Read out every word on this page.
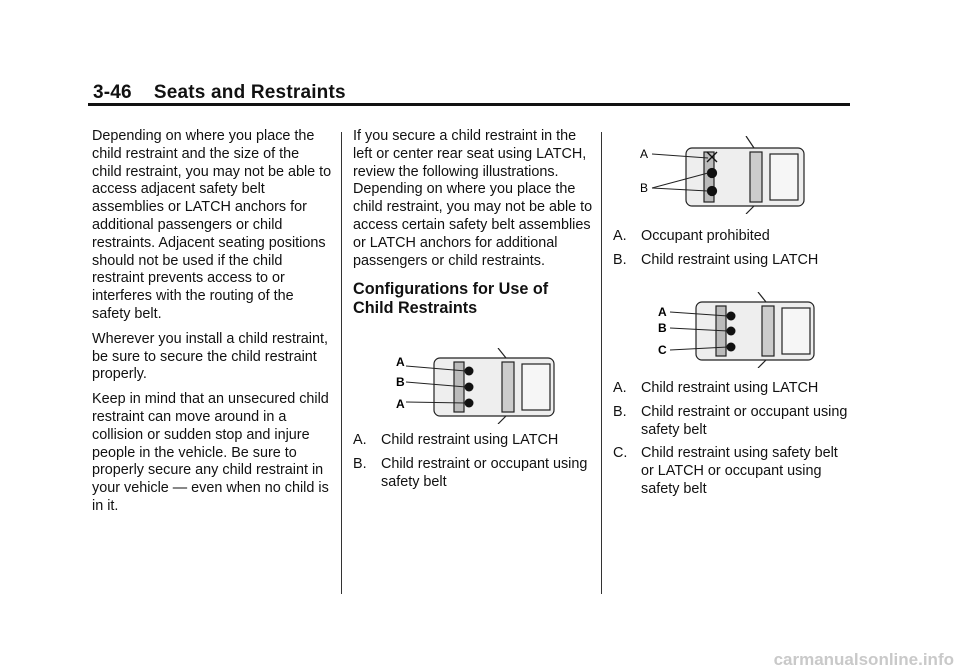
3-46 Seats and Restraints

Depending on where you place the child restraint and the size of the child restraint, you may not be able to access adjacent safety belt assemblies or LATCH anchors for additional passengers or child restraints. Adjacent seating positions should not be used if the child restraint prevents access to or interferes with the routing of the safety belt.

Wherever you install a child restraint, be sure to secure the child restraint properly.

Keep in mind that an unsecured child restraint can move around in a collision or sudden stop and injure people in the vehicle. Be sure to properly secure any child restraint in your vehicle — even when no child is in it.

If you secure a child restraint in the left or center rear seat using LATCH, review the following illustrations. Depending on where you place the child restraint, you may not be able to access certain safety belt assemblies or LATCH anchors for additional passengers or child restraints.

Configurations for Use of Child Restraints
A
B
A
A. Child restraint using LATCH
B. Child restraint or occupant using safety belt
A
B
A. Occupant prohibited
B. Child restraint using LATCH
A
B
C
A. Child restraint using LATCH
B. Child restraint or occupant using safety belt
C. Child restraint using safety belt or LATCH or occupant using safety belt
carmanualsonline.info
